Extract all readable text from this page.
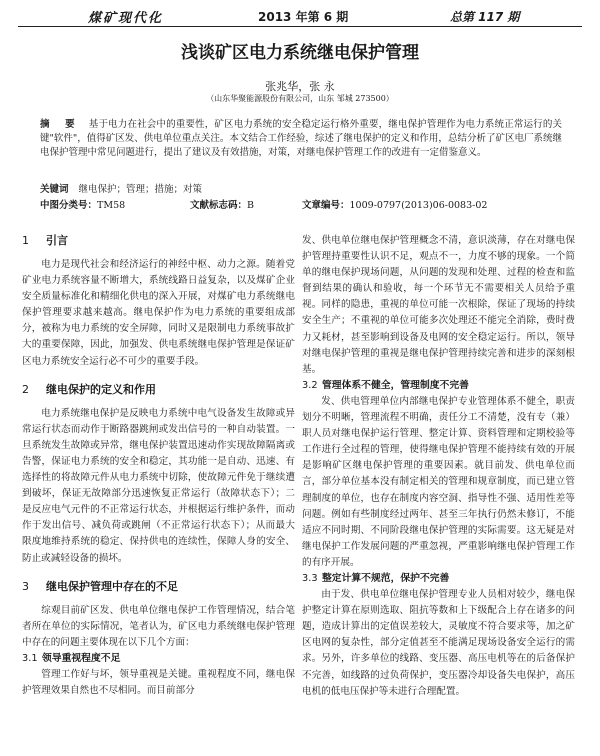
煤矿现代化	2013 年第 6 期	总第 117 期
浅谈矿区电力系统继电保护管理
张兆华，张 永
（山东华聚能源股份有限公司，山东 邹城 273500）
摘 要 基于电力在社会中的重要性，矿区电力系统的安全稳定运行格外重要，继电保护管理作为电力系统正常运行的关键"软件"，值得矿区发、供电单位重点关注。本文结合工作经验，综述了继电保护的定义和作用，总结分析了矿区电厂系统继电保护管理中常见问题进行，提出了建议及有效措施，对策，对继电保护管理工作的改进有一定借鉴意义。
关键词 继电保护；管理；措施；对策
中图分类号：TM58	文献标志码：B	文章编号：1009-0797(2013)06-0083-02
1 引言

电力是现代社会和经济运行的神经中枢、动力之源。随着党矿业电力系统容量不断增大，系统线路日益复杂，以及煤矿企业安全质量标准化和精细化供电的深入开展，对煤矿电力系统继电保护管理要求越来越高。继电保护作为电力系统的重要组成部分，被称为电力系统的安全屏障，同时又是限制电力系统事故扩大的重要保障，因此，加强发、供电系统继电保护管理是保证矿区电力系统安全运行必不可少的重要手段。

2 继电保护的定义和作用

电力系统继电保护是反映电力系统中电气设备发生故障或异常运行状态而动作于断路器跳闸或发出信号的一种自动装置。一旦系统发生故障或异常，继电保护装置迅速动作实现故障隔离或告警，保证电力系统的安全和稳定，其功能一是自动、迅速、有选择性的将故障元件从电力系统中切除，使故障元件免于继续遭到破坏，保证无故障部分迅速恢复正常运行（故障状态下）；二是反应电气元件的不正常运行状态，并根据运行维护条件，而动作于发出信号、减负荷或跳闸（不正常运行状态下）；从而最大限度地维持系统的稳定、保持供电的连续性，保障人身的安全、防止或减轻设备的损坏。

3 继电保护管理中存在的不足

综观目前矿区发、供电单位继电保护工作管理情况，结合笔者所在单位的实际情况，笔者认为，矿区电力系统继电保护管理中存在的问题主要体现在以下几个方面：

3.1 领导重视程度不足

管理工作好与坏，领导重视是关键。重视程度不同，继电保护管理效果自然也不尽相同。而目前部分

发、供电单位继电保护管理概念不清，意识淡薄，存在对继电保护管理持重要性认识不足，观点不一，力度不够的现象。一个简单的继电保护现场问题，从问题的发现和处理、过程的检查和监督到结果的确认和验收，每一个环节无不需要相关人员给予重视。同样的隐患，重视的单位可能一次根除，保证了现场的持续安全生产；不重视的单位可能多次处理还不能完全消除，费时费力又耗材，甚至影响到设备及电网的安全稳定运行。所以，领导对继电保护管理的重视是继电保护管理持续完善和进步的深刻根基。

3.2 管理体系不健全，管理制度不完善

发、供电管理单位内部继电保护专业管理体系不健全，职责划分不明晰，管理流程不明确，责任分工不清楚，没有专（兼）职人员对继电保护运行管理、整定计算、资料管理和定期校验等工作进行全过程的管理，使得继电保护管理不能持续有效的开展是影响矿区继电保护管理的重要因素。就目前发、供电单位而言，部分单位基本没有制定相关的管理和规章制度，而已建立管理制度的单位，也存在制度内容空洞、指导性不强、适用性差等问题。例如有些制度经过两年、甚至三年执行仍然未修订，不能适应不同时期、不同阶段继电保护管理的实际需要。这无疑是对继电保护工作发展问题的严重忽视，严重影响继电保护管理工作的有序开展。

3.3 整定计算不规范，保护不完善

由于发、供电单位继电保护管理专业人员相对较少，继电保护整定计算在原则选取、阻抗等数和上下级配合上存在诸多的问题，造成计算出的定值误差较大，灵敏度不符合要求等，加之矿区电网的复杂性，部分定值甚至不能满足现场设备安全运行的需求。另外，许多单位的线路、变压器、高压电机等在的后备保护不完善，如线路的过负荷保护，变压器冷却设备失电保护，高压电机的低电压保护等未进行合理配置。
